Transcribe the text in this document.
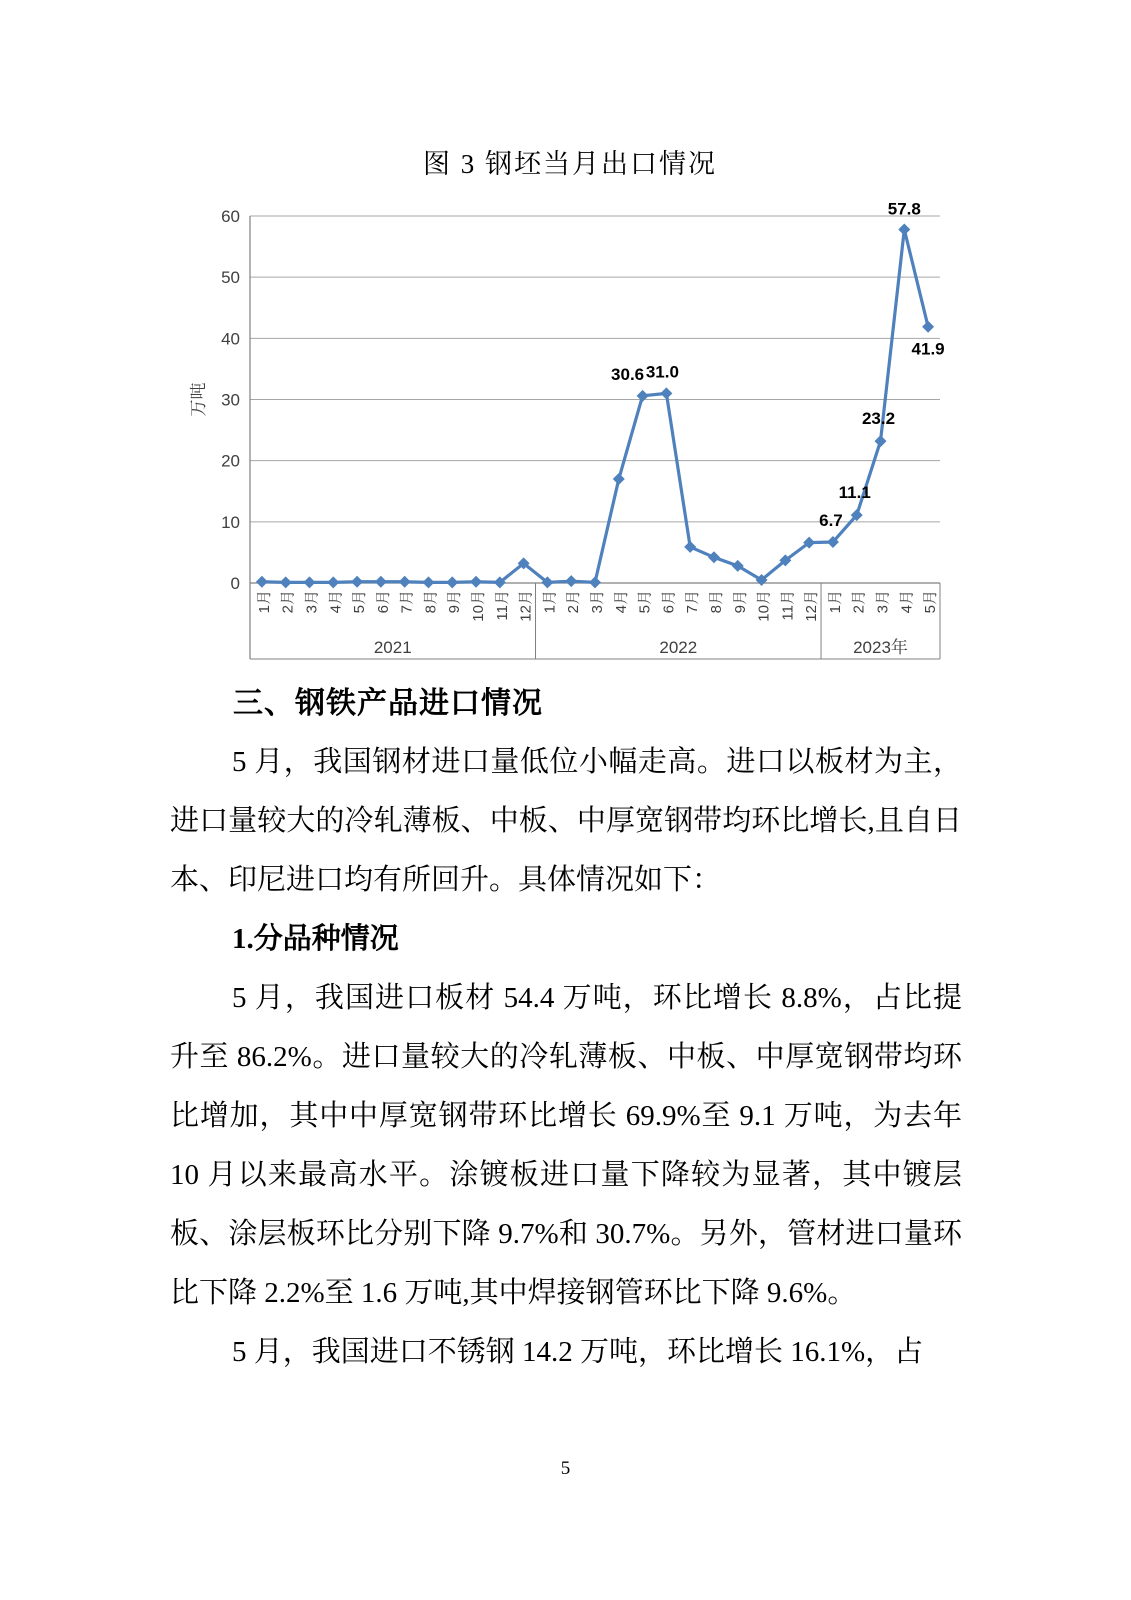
图 3 钢坯当月出口情况
2021	2022	2023年
0
10
20
30
40
50
60
万吨
1月 2月 3月 4月 5月 6月 7月 8月 9月 10月 11月 12月 1月 2月 3月 4月 5月 6月 7月 8月 9月 10月 11月 12月 1月 2月 3月 4月 5月
30.6 31.0
6.7
11.1
23.2
57.8
41.9
三、钢铁产品进口情况

5 月，我国钢材进口量低位小幅走高。进口以板材为主，进口量较大的冷轧薄板、中板、中厚宽钢带均环比增长,且自日本、印尼进口均有所回升。具体情况如下：

1.分品种情况

5 月，我国进口板材 54.4 万吨，环比增长 8.8%，占比提升至 86.2%。进口量较大的冷轧薄板、中板、中厚宽钢带均环比增加，其中中厚宽钢带环比增长 69.9%至 9.1 万吨，为去年 10 月以来最高水平。涂镀板进口量下降较为显著，其中镀层板、涂层板环比分别下降 9.7%和 30.7%。另外，管材进口量环比下降 2.2%至 1.6 万吨,其中焊接钢管环比下降 9.6%。

5 月，我国进口不锈钢 14.2 万吨，环比增长 16.1%，占

5
